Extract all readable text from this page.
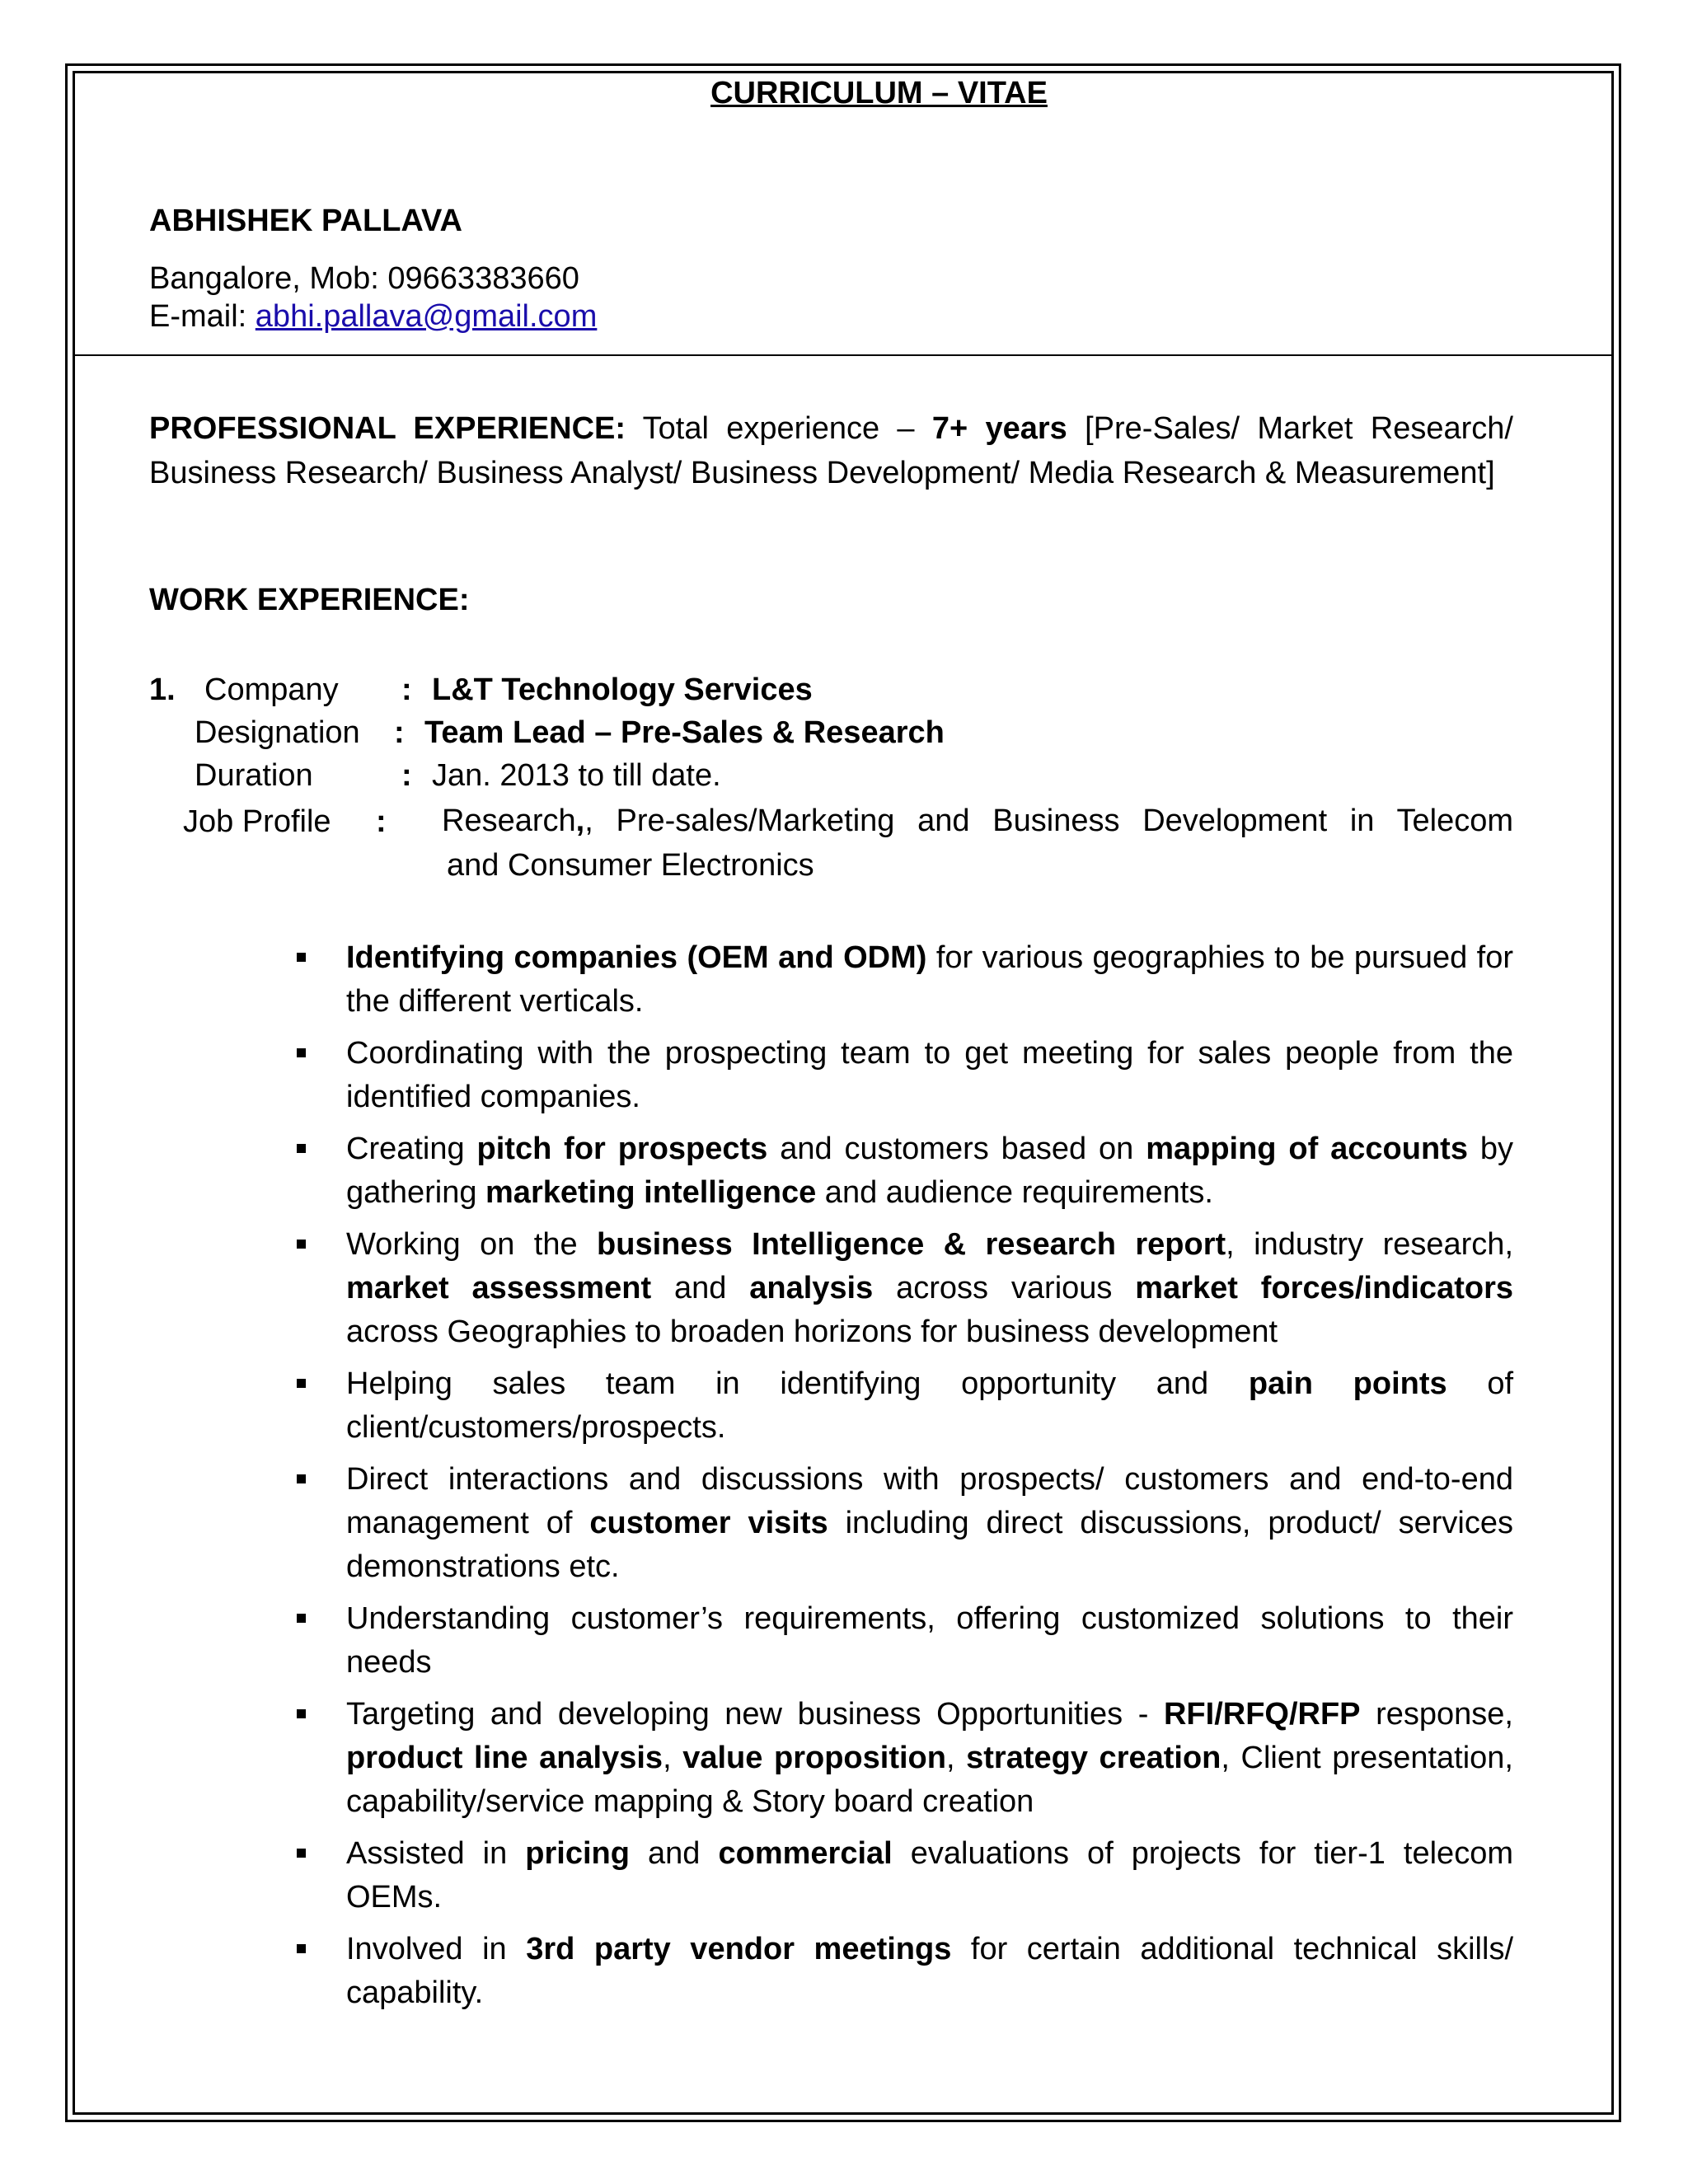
CURRICULUM – VITAE
ABHISHEK PALLAVA
Bangalore, Mob: 09663383660
E-mail: abhi.pallava@gmail.com
PROFESSIONAL EXPERIENCE: Total experience – 7+ years [Pre-Sales/ Market Research/ Business Research/ Business Analyst/ Business Development/ Media Research & Measurement]
WORK EXPERIENCE:
1. Company : L&T Technology Services
Designation : Team Lead – Pre-Sales & Research
Duration	: Jan. 2013 to till date.
Job Profile : Research,, Pre-sales/Marketing and Business Development in Telecom
and Consumer Electronics
Identifying companies (OEM and ODM) for various geographies to be pursued for the different verticals.
Coordinating with the prospecting team to get meeting for sales people from the identified companies.
Creating pitch for prospects and customers based on mapping of accounts by gathering marketing intelligence and audience requirements.
Working on the business Intelligence & research report, industry research, market assessment and analysis across various market forces/indicators across Geographies to broaden horizons for business development
Helping sales team in identifying opportunity and pain points of client/customers/prospects.
Direct interactions and discussions with prospects/ customers and end-to-end management of customer visits including direct discussions, product/ services demonstrations etc.
Understanding customer’s requirements, offering customized solutions to their needs
Targeting and developing new business Opportunities - RFI/RFQ/RFP response, product line analysis, value proposition, strategy creation, Client presentation, capability/service mapping & Story board creation
Assisted in pricing and commercial evaluations of projects for tier-1 telecom OEMs.
Involved in 3rd party vendor meetings for certain additional technical skills/ capability.
